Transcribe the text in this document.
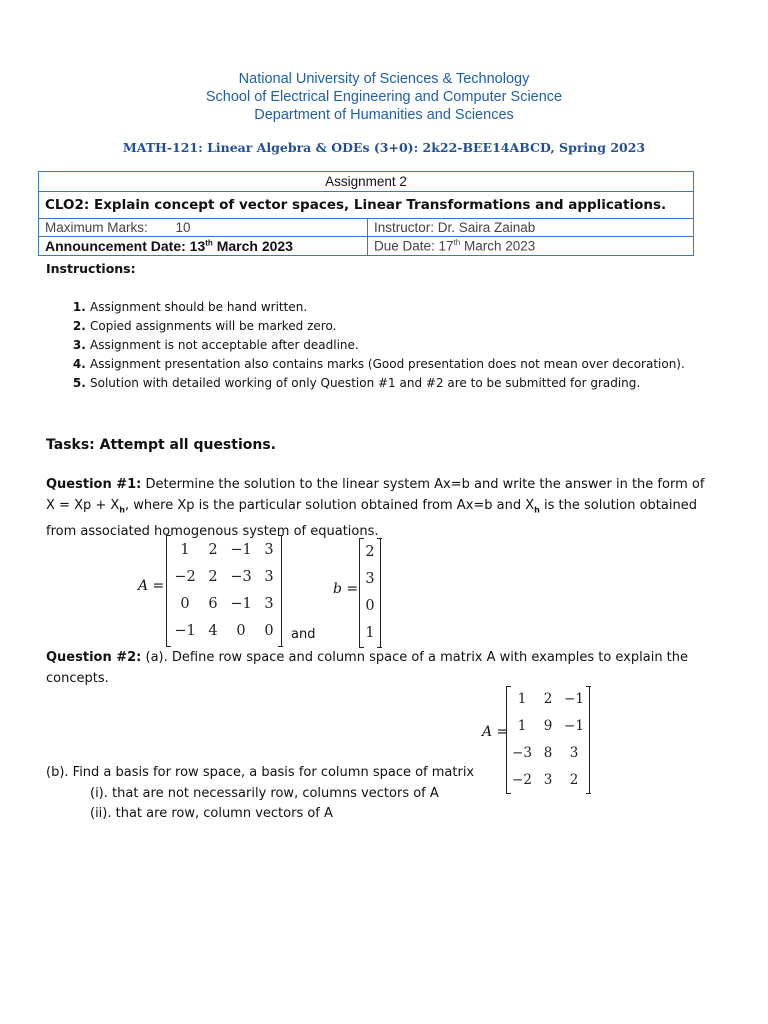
National University of Sciences & Technology
School of Electrical Engineering and Computer Science
Department of Humanities and Sciences
MATH-121: Linear Algebra & ODEs (3+0): 2k22-BEE14ABCD, Spring 2023
Assignment 2	
CLO2: Explain concept of vector spaces, Linear Transformations and applications.	
Maximum Marks: 10	Instructor: Dr. Saira Zainab
Announcement Date: 13th March 2023	Due Date: 17th March 2023
Instructions:
1. Assignment should be hand written.
2. Copied assignments will be marked zero.
3. Assignment is not acceptable after deadline.
4. Assignment presentation also contains marks (Good presentation does not mean over decoration).
5. Solution with detailed working of only Question #1 and #2 are to be submitted for grading.
Tasks: Attempt all questions.
Question #1: Determine the solution to the linear system Ax=b and write the answer in the form of
$X = Xp + X_h$, where Xp is the particular solution obtained from Ax=b and $X_h$ is the solution obtained
from associated homogenous system of equations.
A =
1	2 −1 3
−2 2 −3 3
0	6 −1 3
−1 4	0	0	and
b =
2
3
0
1
Question #2: (a). Define row space and column space of a matrix A with examples to explain the
concepts.
A =
1	2 −1
1	9 −1
−3 8	3
−2 3	2
(b). Find a basis for row space, a basis for column space of matrix
(i). that are not necessarily row, columns vectors of A
(ii). that are row, column vectors of A
